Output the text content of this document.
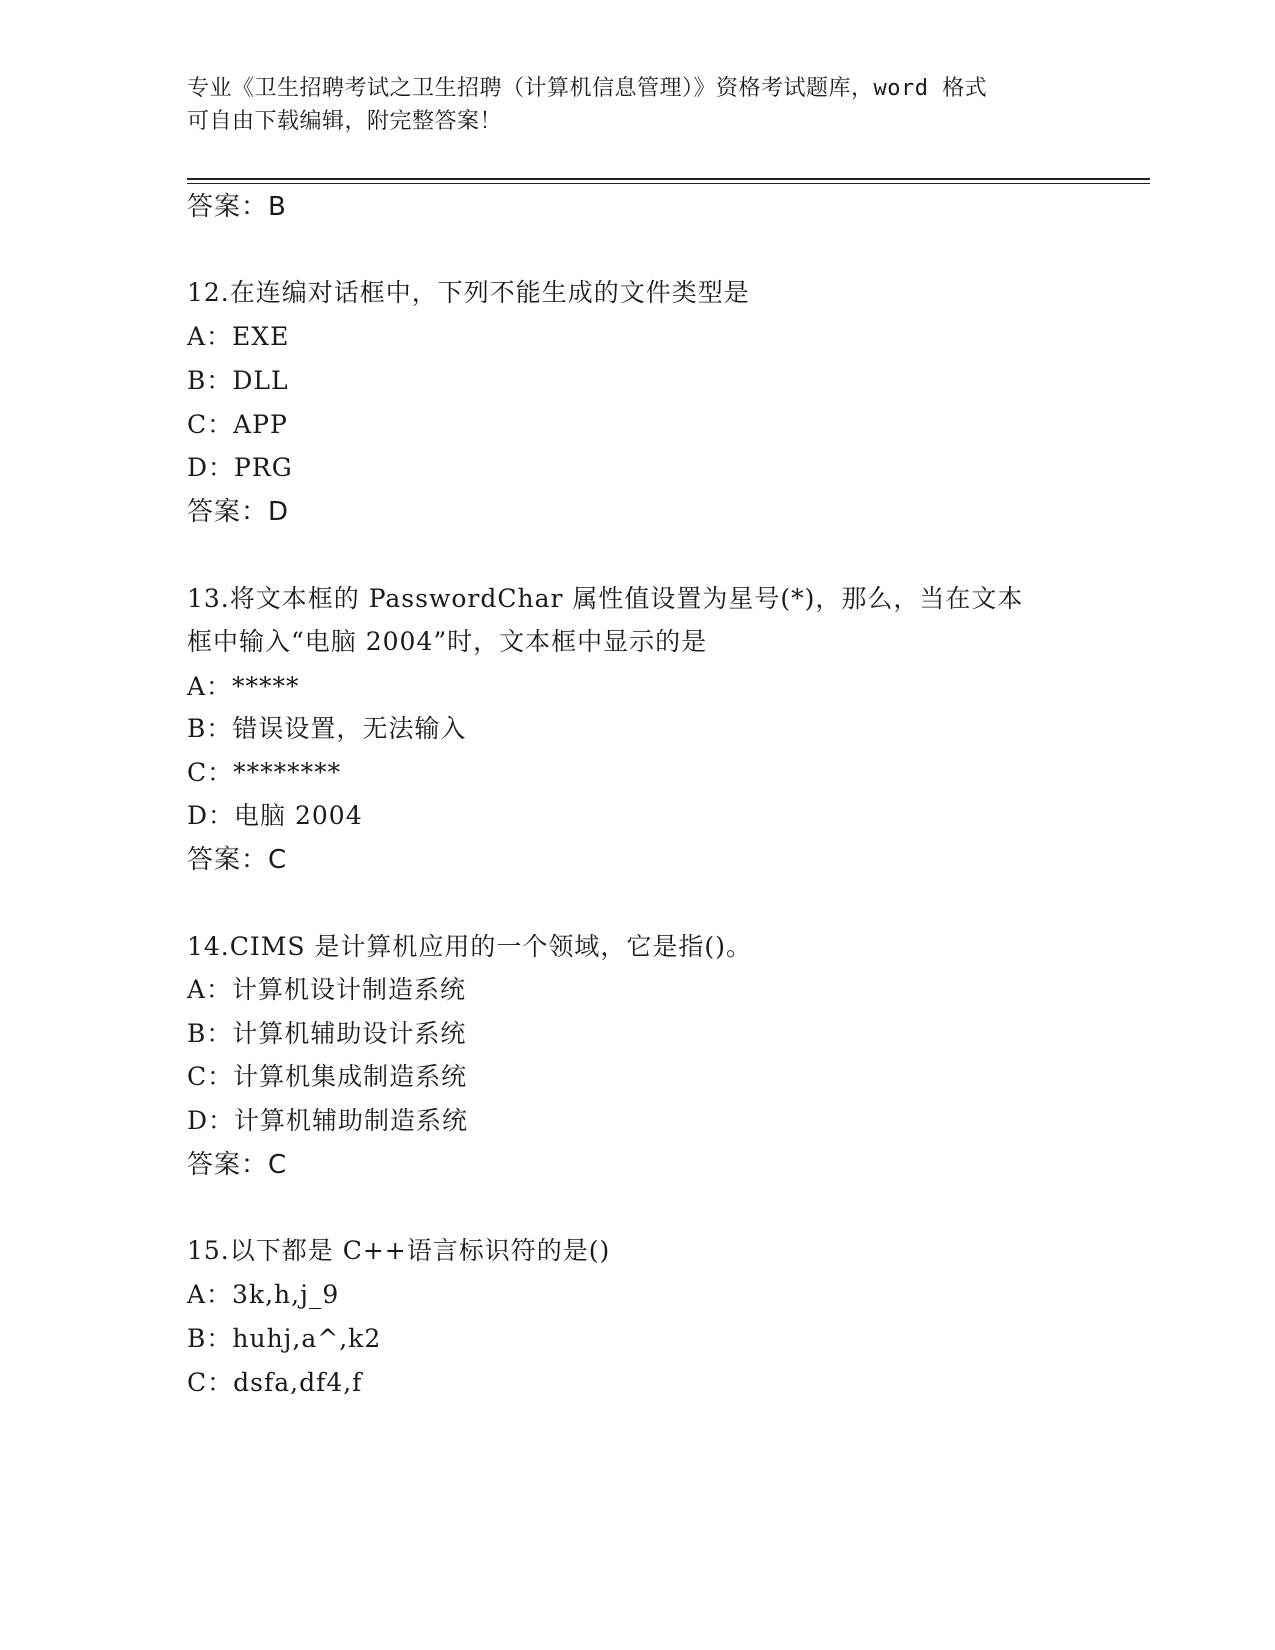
专业《卫生招聘考试之卫生招聘（计算机信息管理）》资格考试题库，word 格式
可自由下载编辑，附完整答案！
答案：B
12.在连编对话框中，下列不能生成的文件类型是
A：EXE
B：DLL
C：APP
D：PRG
答案：D
13.将文本框的 PasswordChar 属性值设置为星号(*)，那么，当在文本
框中输入“电脑 2004”时，文本框中显示的是
A：*****
B：错误设置，无法输入
C：********
D：电脑 2004
答案：C
14.CIMS 是计算机应用的一个领域，它是指()。
A：计算机设计制造系统
B：计算机辅助设计系统
C：计算机集成制造系统
D：计算机辅助制造系统
答案：C
15.以下都是 C++语言标识符的是()
A：3k,h,j_9
B：huhj,a^,k2
C：dsfa,df4,f
